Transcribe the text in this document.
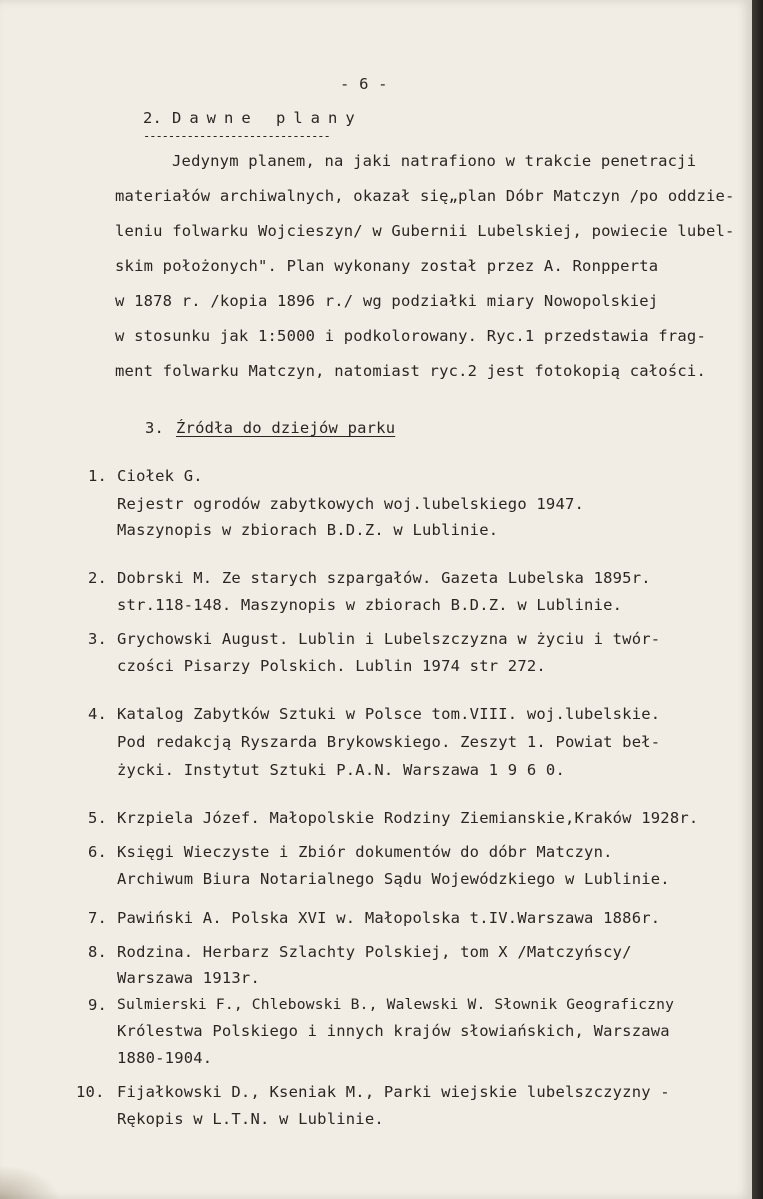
- 6 -
2. Dawne plany
------------------------------
Jedynym planem, na jaki natrafiono w trakcie penetracji
materiałów archiwalnych, okazał się„plan Dóbr Matczyn /po oddzie-
leniu folwarku Wojcieszyn/ w Gubernii Lubelskiej, powiecie lubel-
skim położonych". Plan wykonany został przez A. Ronpperta
w 1878 r. /kopia 1896 r./ wg podziałki miary Nowopolskiej
w stosunku jak 1:5000 i podkolorowany. Ryc.1 przedstawia frag-
ment folwarku Matczyn, natomiast ryc.2 jest fotokopią całości.
3. Źródła do dziejów parku
1. Ciołek G.
Rejestr ogrodów zabytkowych woj.lubelskiego 1947.
Maszynopis w zbiorach B.D.Z. w Lublinie.
2. Dobrski M. Ze starych szpargałów. Gazeta Lubelska 1895r.
str.118-148. Maszynopis w zbiorach B.D.Z. w Lublinie.
3. Grychowski August. Lublin i Lubelszczyzna w życiu i twór-
czości Pisarzy Polskich. Lublin 1974 str 272.
4. Katalog Zabytków Sztuki w Polsce tom.VIII. woj.lubelskie.
Pod redakcją Ryszarda Brykowskiego. Zeszyt 1. Powiat beł-
życki. Instytut Sztuki P.A.N. Warszawa 1 9 6 0.
5. Krzpiela Józef. Małopolskie Rodziny Ziemianskie,Kraków 1928r.
6. Księgi Wieczyste i Zbiór dokumentów do dóbr Matczyn.
Archiwum Biura Notarialnego Sądu Wojewódzkiego w Lublinie.
7. Pawiński A. Polska XVI w. Małopolska t.IV.Warszawa 1886r.
8. Rodzina. Herbarz Szlachty Polskiej, tom X /Matczyńscy/
Warszawa 1913r.
9. Sulmierski F., Chlebowski B., Walewski W. Słownik Geograficzny
Królestwa Polskiego i innych krajów słowiańskich, Warszawa
1880-1904.
10. Fijałkowski D., Kseniak M., Parki wiejskie lubelszczyzny -
Rękopis w L.T.N. w Lublinie.
